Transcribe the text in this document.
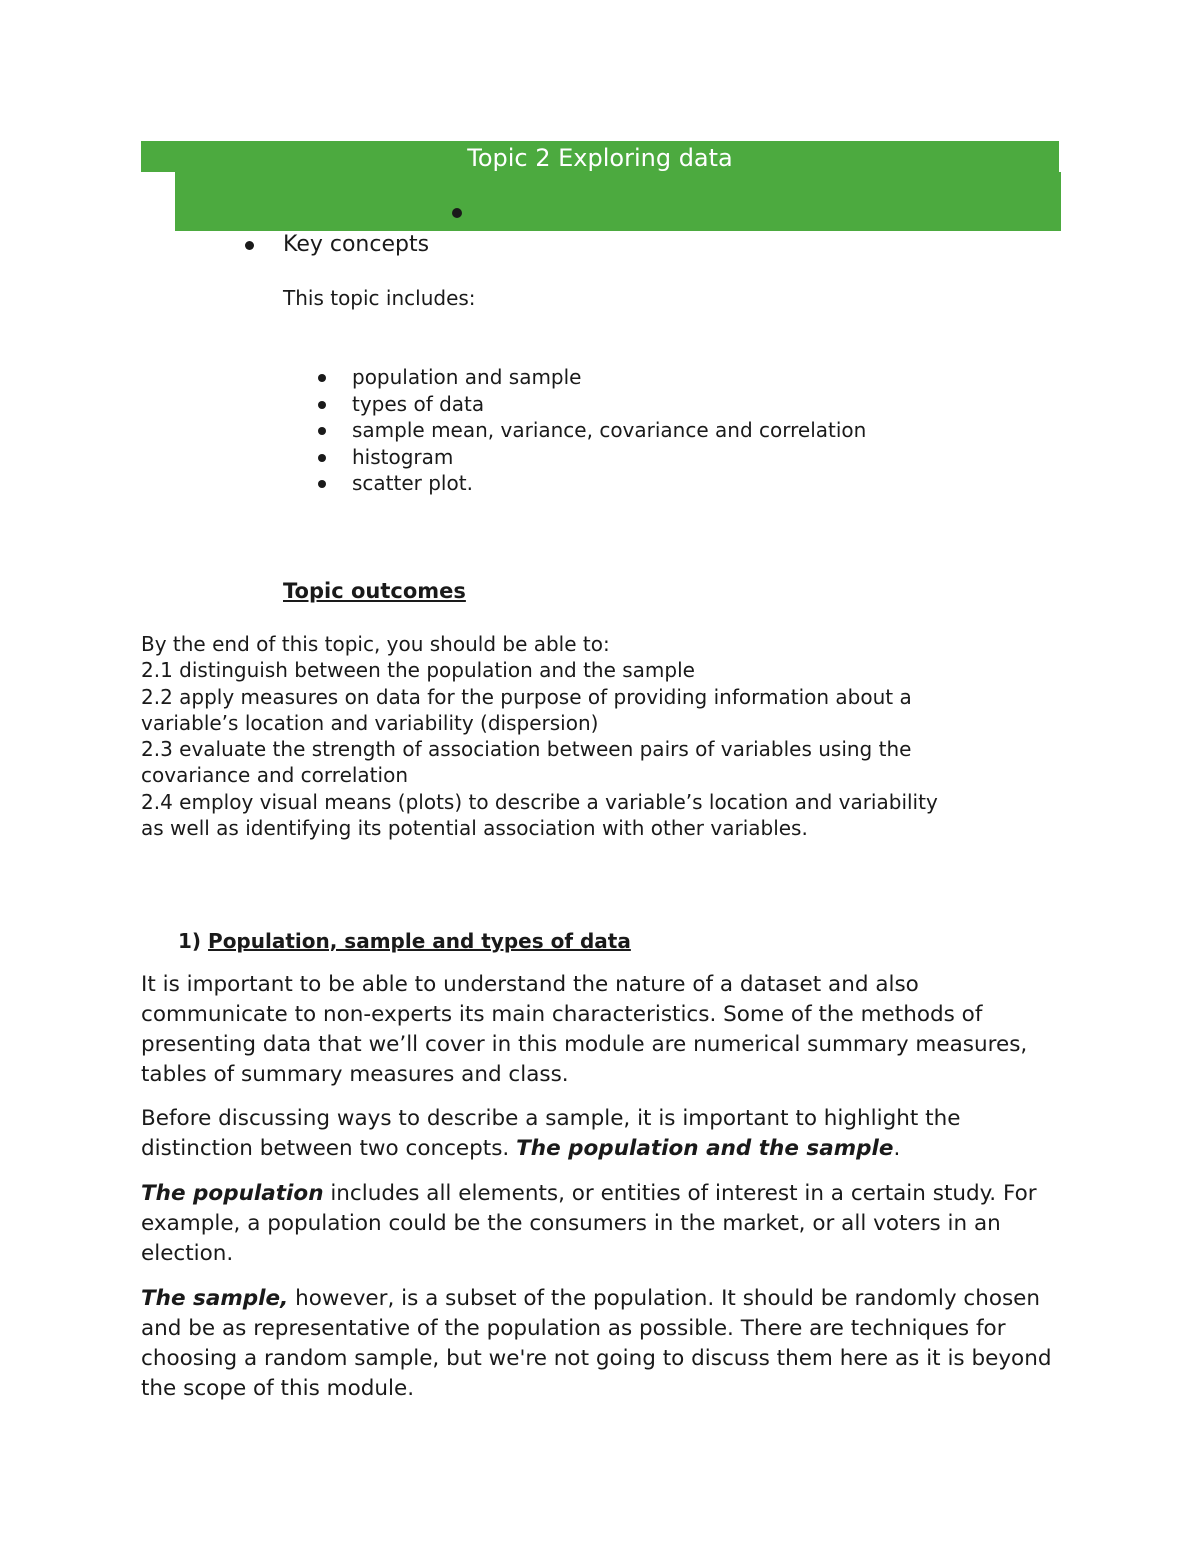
Topic 2 Exploring data
Key concepts
This topic includes:
population and sample
types of data
sample mean, variance, covariance and correlation
histogram
scatter plot.
Topic outcomes
By the end of this topic, you should be able to:
2.1 distinguish between the population and the sample
2.2 apply measures on data for the purpose of providing information about a
variable’s location and variability (dispersion)
2.3 evaluate the strength of association between pairs of variables using the
covariance and correlation
2.4 employ visual means (plots) to describe a variable’s location and variability
as well as identifying its potential association with other variables.
1) Population, sample and types of data
It is important to be able to understand the nature of a dataset and also communicate to non-experts its main characteristics. Some of the methods of presenting data that we’ll cover in this module are numerical summary measures, tables of summary measures and class.
Before discussing ways to describe a sample, it is important to highlight the distinction between two concepts. The population and the sample.
The population includes all elements, or entities of interest in a certain study. For example, a population could be the consumers in the market, or all voters in an election.
The sample, however, is a subset of the population. It should be randomly chosen and be as representative of the population as possible. There are techniques for choosing a random sample, but we're not going to discuss them here as it is beyond the scope of this module.
